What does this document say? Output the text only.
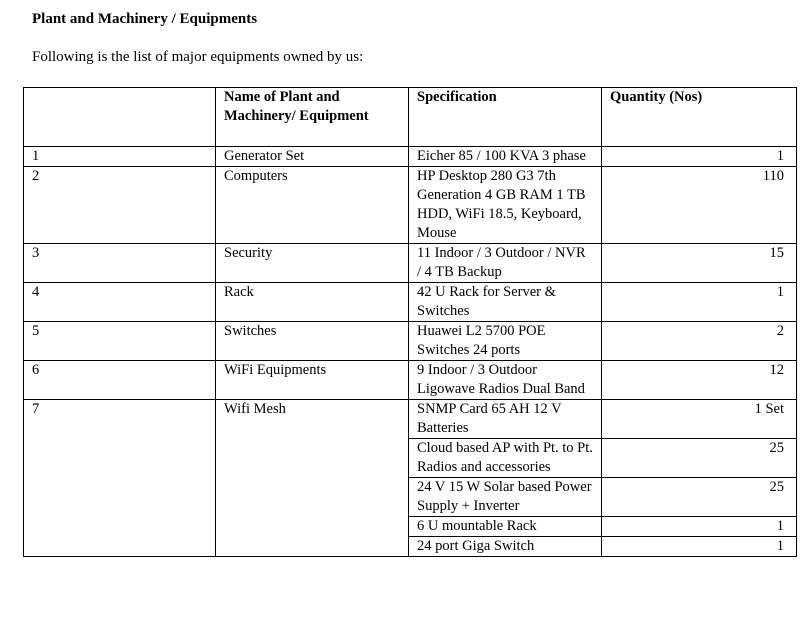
Plant and Machinery / Equipments

Following is the list of major equipments owned by us:

	Name of Plant and Machinery/ Equipment	Specification	Quantity (Nos)
1	Generator Set	Eicher 85 / 100 KVA 3 phase	1
2	Computers	HP Desktop 280 G3 7th Generation 4 GB RAM 1 TB HDD, WiFi 18.5, Keyboard, Mouse	110
3	Security	11 Indoor / 3 Outdoor / NVR / 4 TB Backup	15
4	Rack	42 U Rack for Server & Switches	1
5	Switches	Huawei L2 5700 POE Switches 24 ports	2
6	WiFi Equipments	9 Indoor / 3 Outdoor Ligowave Radios Dual Band	12
7	Wifi Mesh	SNMP Card 65 AH 12 V Batteries	1 Set
		Cloud based AP with Pt. to Pt. Radios and accessories	25
		24 V 15 W Solar based Power Supply + Inverter	25
		6 U mountable Rack	1
		24 port Giga Switch	1
